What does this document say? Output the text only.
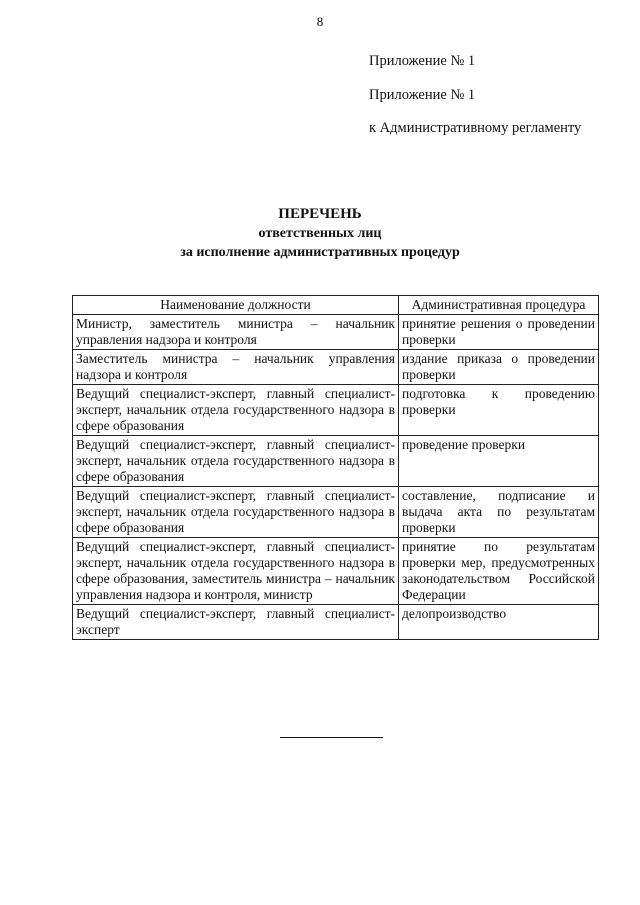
8
Приложение № 1
Приложение № 1
к Административному регламенту
ПЕРЕЧЕНЬ
ответственных лиц
за исполнение административных процедур
Наименование должности	Административная процедура
Министр, заместитель министра – начальник управления надзора и контроля	принятие решения о проведении проверки
Заместитель министра – начальник управления надзора и контроля	издание приказа о проведении проверки
Ведущий специалист-эксперт, главный специалист-эксперт, начальник отдела государственного надзора в сфере образования	подготовка к проведению проверки
Ведущий специалист-эксперт, главный специалист-эксперт, начальник отдела государственного надзора в сфере образования	проведение проверки
Ведущий специалист-эксперт, главный специалист-эксперт, начальник отдела государственного надзора в сфере образования	составление, подписание и выдача акта по результатам проверки
Ведущий специалист-эксперт, главный специалист-эксперт, начальник отдела государственного надзора в сфере образования, заместитель министра – начальник управления надзора и контроля, министр	принятие по результатам проверки мер, предусмотренных законодательством Российской Федерации
Ведущий специалист-эксперт, главный специалист-эксперт	делопроизводство
